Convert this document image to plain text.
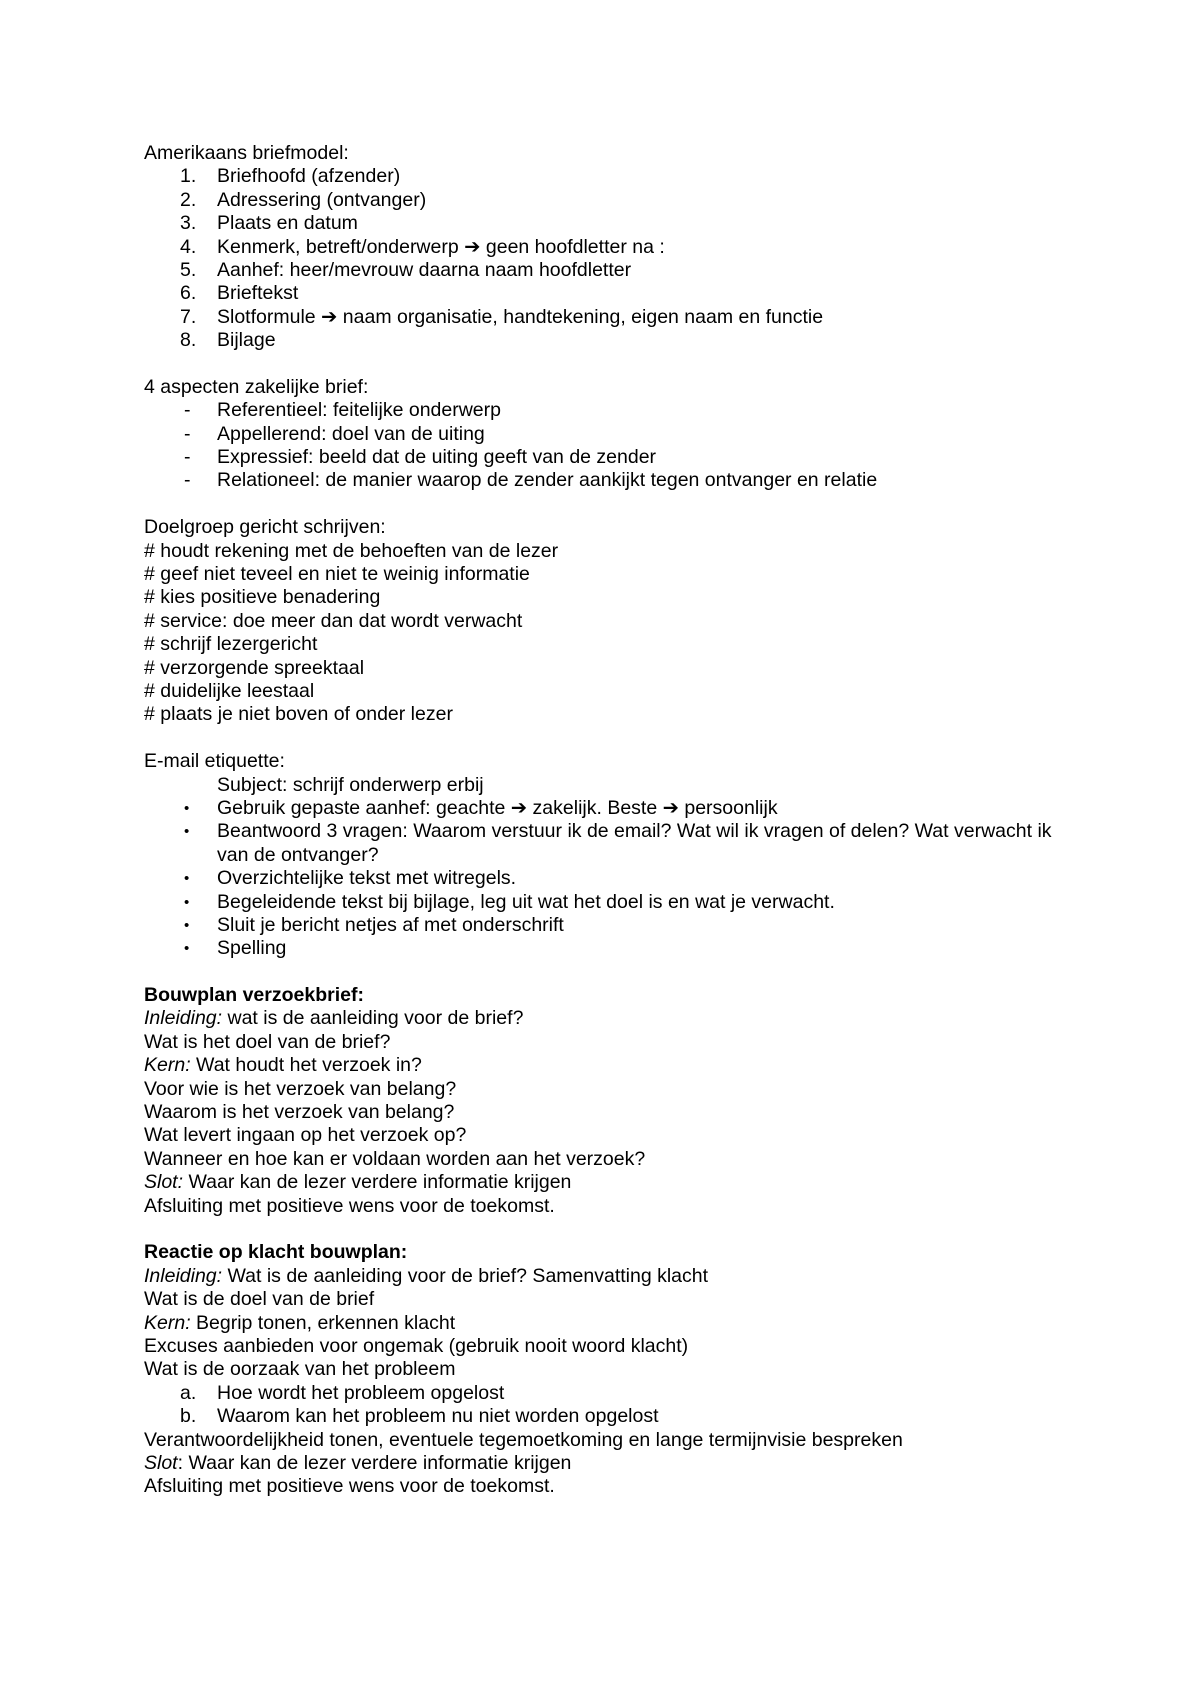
Amerikaans briefmodel:
1.	Briefhoofd (afzender)
2.	Adressering (ontvanger)
3.	Plaats en datum
4.	Kenmerk, betreft/onderwerp ➔ geen hoofdletter na :
5.	Aanhef: heer/mevrouw daarna naam hoofdletter
6.	Brieftekst
7.	Slotformule ➔ naam organisatie, handtekening, eigen naam en functie
8.	Bijlage
4 aspecten zakelijke brief:
-	Referentieel: feitelijke onderwerp
-	Appellerend: doel van de uiting
-	Expressief: beeld dat de uiting geeft van de zender
-	Relationeel: de manier waarop de zender aankijkt tegen ontvanger en relatie
Doelgroep gericht schrijven:
# houdt rekening met de behoeften van de lezer
# geef niet teveel en niet te weinig informatie
# kies positieve benadering
# service: doe meer dan dat wordt verwacht
# schrijf lezergericht
# verzorgende spreektaal
# duidelijke leestaal
# plaats je niet boven of onder lezer
E-mail etiquette:
Subject: schrijf onderwerp erbij
•	Gebruik gepaste aanhef: geachte ➔ zakelijk. Beste ➔ persoonlijk
•	Beantwoord 3 vragen: Waarom verstuur ik de email? Wat wil ik vragen of delen? Wat verwacht ik van de ontvanger?
•	Overzichtelijke tekst met witregels.
•	Begeleidende tekst bij bijlage, leg uit wat het doel is en wat je verwacht.
•	Sluit je bericht netjes af met onderschrift
•	Spelling
Bouwplan verzoekbrief:
Inleiding: wat is de aanleiding voor de brief?
Wat is het doel van de brief?
Kern: Wat houdt het verzoek in?
Voor wie is het verzoek van belang?
Waarom is het verzoek van belang?
Wat levert ingaan op het verzoek op?
Wanneer en hoe kan er voldaan worden aan het verzoek?
Slot: Waar kan de lezer verdere informatie krijgen
Afsluiting met positieve wens voor de toekomst.
Reactie op klacht bouwplan:
Inleiding: Wat is de aanleiding voor de brief? Samenvatting klacht
Wat is de doel van de brief
Kern: Begrip tonen, erkennen klacht
Excuses aanbieden voor ongemak (gebruik nooit woord klacht)
Wat is de oorzaak van het probleem
a.	Hoe wordt het probleem opgelost
b.	Waarom kan het probleem nu niet worden opgelost
Verantwoordelijkheid tonen, eventuele tegemoetkoming en lange termijnvisie bespreken
Slot: Waar kan de lezer verdere informatie krijgen
Afsluiting met positieve wens voor de toekomst.
